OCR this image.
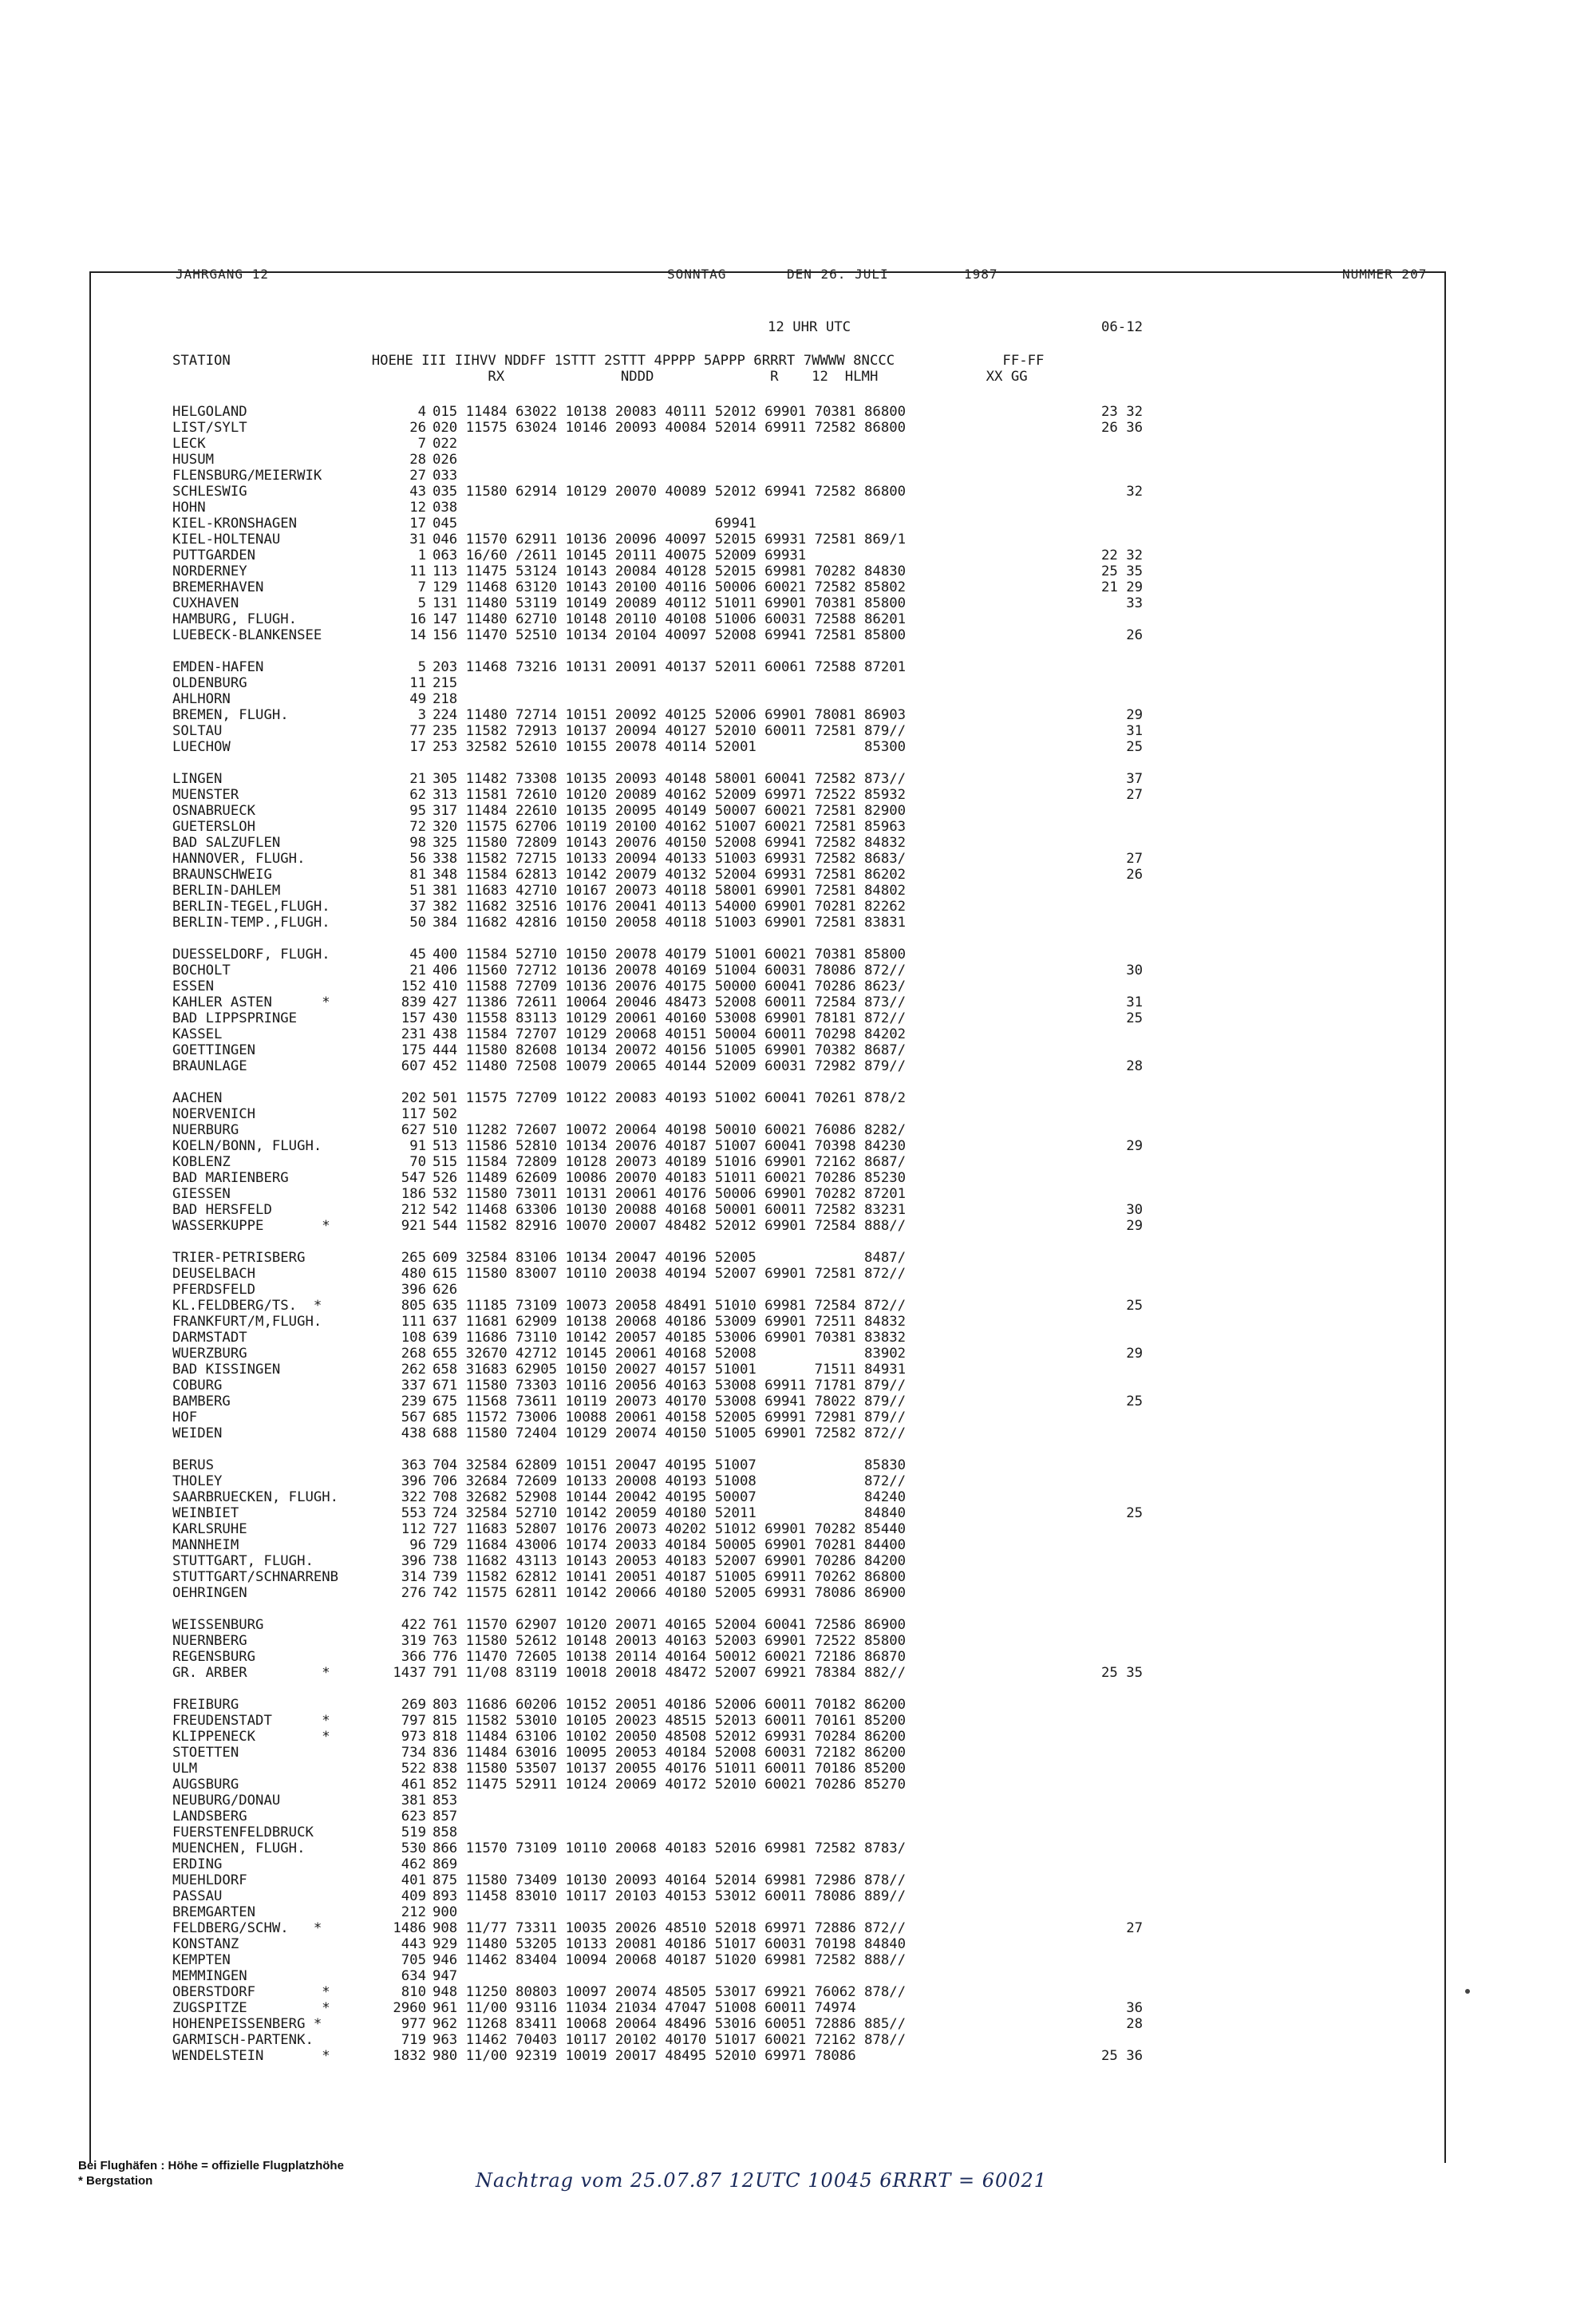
JAHRGANG 12

	SONNTAG

	DEN 26. JULI

	1987

	NUMMER 207

12 UHR UTC	06-12
STATION                 HOEHE III IIHVV NDDFF 1STTT 2STTT 4PPPP 5APPP 6RRRT 7WWWW 8NCCC             FF-FF
RX              NDDD              R    12  HLMH             XX GG
HELGOLAND	4 015 11484 63022 10138 20083 40111 52012 69901 70381 86800	23 32
LIST/SYLT	26 020 11575 63024 10146 20093 40084 52014 69911 72582 86800	26 36
LECK	7 022
HUSUM	28 026
FLENSBURG/MEIERWIK	27 033
SCHLESWIG	43 035 11580 62914 10129 20070 40089 52012 69941 72582 86800	32
HOHN	12 038
KIEL-KRONSHAGEN	17 045                               69941
KIEL-HOLTENAU	31 046 11570 62911 10136 20096 40097 52015 69931 72581 869/1
PUTTGARDEN	1 063 16/60 /2611 10145 20111 40075 52009 69931	22 32
NORDERNEY	11 113 11475 53124 10143 20084 40128 52015 69981 70282 84830	25 35
BREMERHAVEN	7 129 11468 63120 10143 20100 40116 50006 60021 72582 85802	21 29
CUXHAVEN	5 131 11480 53119 10149 20089 40112 51011 69901 70381 85800	33
HAMBURG, FLUGH.	16 147 11480 62710 10148 20110 40108 51006 60031 72588 86201
LUEBECK-BLANKENSEE	14 156 11470 52510 10134 20104 40097 52008 69941 72581 85800	26
EMDEN-HAFEN	5 203 11468 73216 10131 20091 40137 52011 60061 72588 87201
OLDENBURG	11 215
AHLHORN	49 218
BREMEN, FLUGH.	3 224 11480 72714 10151 20092 40125 52006 69901 78081 86903	29
SOLTAU	77 235 11582 72913 10137 20094 40127 52010 60011 72581 879//	31
LUECHOW	17 253 32582 52610 10155 20078 40114 52001             85300	25
LINGEN	21 305 11482 73308 10135 20093 40148 58001 60041 72582 873//	37
MUENSTER	62 313 11581 72610 10120 20089 40162 52009 69971 72522 85932	27
OSNABRUECK	95 317 11484 22610 10135 20095 40149 50007 60021 72581 82900
GUETERSLOH	72 320 11575 62706 10119 20100 40162 51007 60021 72581 85963
BAD SALZUFLEN	98 325 11580 72809 10143 20076 40150 52008 69941 72582 84832
HANNOVER, FLUGH.	56 338 11582 72715 10133 20094 40133 51003 69931 72582 8683/	27
BRAUNSCHWEIG	81 348 11584 62813 10142 20079 40132 52004 69931 72581 86202	26
BERLIN-DAHLEM	51 381 11683 42710 10167 20073 40118 58001 69901 72581 84802
BERLIN-TEGEL,FLUGH.	37 382 11682 32516 10176 20041 40113 54000 69901 70281 82262
BERLIN-TEMP.,FLUGH.	50 384 11682 42816 10150 20058 40118 51003 69901 72581 83831
DUESSELDORF, FLUGH.	45 400 11584 52710 10150 20078 40179 51001 60021 70381 85800
BOCHOLT	21 406 11560 72712 10136 20078 40169 51004 60031 78086 872//	30
ESSEN	152 410 11588 72709 10136 20076 40175 50000 60041 70286 8623/
KAHLER ASTEN      *	839 427 11386 72611 10064 20046 48473 52008 60011 72584 873//	31
BAD LIPPSPRINGE	157 430 11558 83113 10129 20061 40160 53008 69901 78181 872//	25
KASSEL	231 438 11584 72707 10129 20068 40151 50004 60011 70298 84202
GOETTINGEN	175 444 11580 82608 10134 20072 40156 51005 69901 70382 8687/
BRAUNLAGE	607 452 11480 72508 10079 20065 40144 52009 60031 72982 879//	28
AACHEN	202 501 11575 72709 10122 20083 40193 51002 60041 70261 878/2
NOERVENICH	117 502
NUERBURG	627 510 11282 72607 10072 20064 40198 50010 60021 76086 8282/
KOELN/BONN, FLUGH.	91 513 11586 52810 10134 20076 40187 51007 60041 70398 84230	29
KOBLENZ	70 515 11584 72809 10128 20073 40189 51016 69901 72162 8687/
BAD MARIENBERG	547 526 11489 62609 10086 20070 40183 51011 60021 70286 85230
GIESSEN	186 532 11580 73011 10131 20061 40176 50006 69901 70282 87201
BAD HERSFELD	212 542 11468 63306 10130 20088 40168 50001 60011 72582 83231	30
WASSERKUPPE       *	921 544 11582 82916 10070 20007 48482 52012 69901 72584 888//	29
TRIER-PETRISBERG	265 609 32584 83106 10134 20047 40196 52005             8487/
DEUSELBACH	480 615 11580 83007 10110 20038 40194 52007 69901 72581 872//
PFERDSFELD	396 626
KL.FELDBERG/TS.  *	805 635 11185 73109 10073 20058 48491 51010 69981 72584 872//	25
FRANKFURT/M,FLUGH.	111 637 11681 62909 10138 20068 40186 53009 69901 72511 84832
DARMSTADT	108 639 11686 73110 10142 20057 40185 53006 69901 70381 83832
WUERZBURG	268 655 32670 42712 10145 20061 40168 52008             83902	29
BAD KISSINGEN	262 658 31683 62905 10150 20027 40157 51001       71511 84931
COBURG	337 671 11580 73303 10116 20056 40163 53008 69911 71781 879//
BAMBERG	239 675 11568 73611 10119 20073 40170 53008 69941 78022 879//	25
HOF	567 685 11572 73006 10088 20061 40158 52005 69991 72981 879//
WEIDEN	438 688 11580 72404 10129 20074 40150 51005 69901 72582 872//
BERUS	363 704 32584 62809 10151 20047 40195 51007             85830
THOLEY	396 706 32684 72609 10133 20008 40193 51008             872//
SAARBRUECKEN, FLUGH.	322 708 32682 52908 10144 20042 40195 50007             84240
WEINBIET	553 724 32584 52710 10142 20059 40180 52011             84840	25
KARLSRUHE	112 727 11683 52807 10176 20073 40202 51012 69901 70282 85440
MANNHEIM	96 729 11684 43006 10174 20033 40184 50005 69901 70281 84400
STUTTGART, FLUGH.	396 738 11682 43113 10143 20053 40183 52007 69901 70286 84200
STUTTGART/SCHNARRENB	314 739 11582 62812 10141 20051 40187 51005 69911 70262 86800
OEHRINGEN	276 742 11575 62811 10142 20066 40180 52005 69931 78086 86900
WEISSENBURG	422 761 11570 62907 10120 20071 40165 52004 60041 72586 86900
NUERNBERG	319 763 11580 52612 10148 20013 40163 52003 69901 72522 85800
REGENSBURG	366 776 11470 72605 10138 20114 40164 50012 60021 72186 86870
GR. ARBER         *	1437 791 11/08 83119 10018 20018 48472 52007 69921 78384 882//	25 35
FREIBURG	269 803 11686 60206 10152 20051 40186 52006 60011 70182 86200
FREUDENSTADT      *	797 815 11582 53010 10105 20023 48515 52013 60011 70161 85200
KLIPPENECK        *	973 818 11484 63106 10102 20050 48508 52012 69931 70284 86200
STOETTEN	734 836 11484 63016 10095 20053 40184 52008 60031 72182 86200
ULM	522 838 11580 53507 10137 20055 40176 51011 60011 70186 85200
AUGSBURG	461 852 11475 52911 10124 20069 40172 52010 60021 70286 85270
NEUBURG/DONAU	381 853
LANDSBERG	623 857
FUERSTENFELDBRUCK	519 858
MUENCHEN, FLUGH.	530 866 11570 73109 10110 20068 40183 52016 69981 72582 8783/
ERDING	462 869
MUEHLDORF	401 875 11580 73409 10130 20093 40164 52014 69981 72986 878//
PASSAU	409 893 11458 83010 10117 20103 40153 53012 60011 78086 889//
BREMGARTEN	212 900
FELDBERG/SCHW.   *	1486 908 11/77 73311 10035 20026 48510 52018 69971 72886 872//	27
KONSTANZ	443 929 11480 53205 10133 20081 40186 51017 60031 70198 84840
KEMPTEN	705 946 11462 83404 10094 20068 40187 51020 69981 72582 888//
MEMMINGEN	634 947
OBERSTDORF        *	810 948 11250 80803 10097 20074 48505 53017 69921 76062 878//
ZUGSPITZE         *	2960 961 11/00 93116 11034 21034 47047 51008 60011 74974	36
HOHENPEISSENBERG *	977 962 11268 83411 10068 20064 48496 53016 60051 72886 885//	28
GARMISCH-PARTENK.	719 963 11462 70403 10117 20102 40170 51017 60021 72162 878//
WENDELSTEIN       *	1832 980 11/00 92319 10019 20017 48495 52010 69971 78086	25 36
Bei Flughäfen : Höhe = offizielle Flugplatzhöhe
* Bergstation	Nachtrag vom 25.07.87 12UTC 10045 6RRRT = 60021
